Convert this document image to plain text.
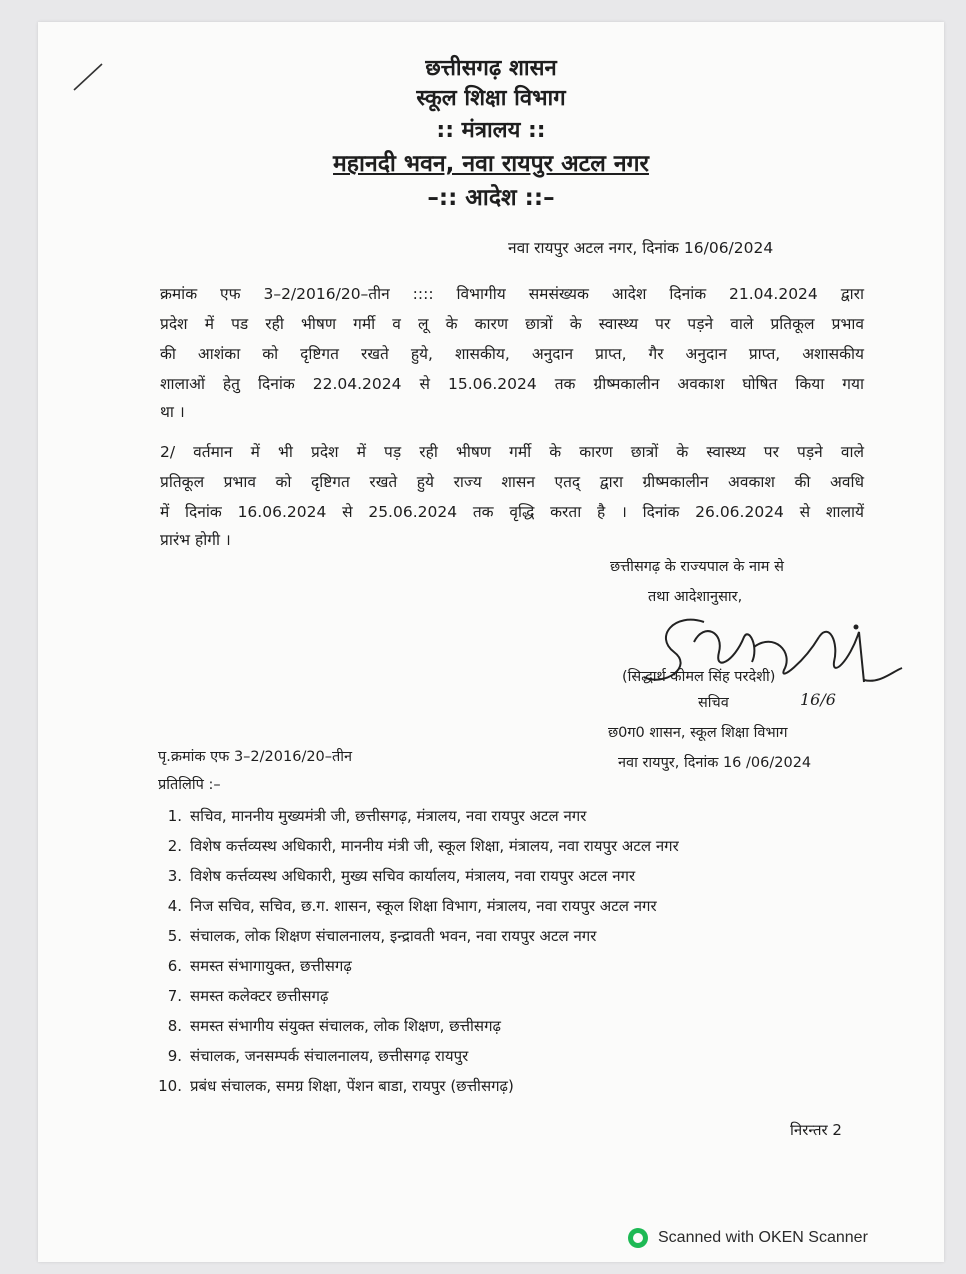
छत्तीसगढ़ शासन
स्कूल शिक्षा विभाग
:: मंत्रालय ::
महानदी भवन, नवा रायपुर अटल नगर
–:: आदेश ::–
नवा रायपुर अटल नगर, दिनांक 16/06/2024
क्रमांक एफ 3–2/2016/20–तीन :::: विभागीय समसंख्यक आदेश दिनांक 21.04.2024 द्वारा
प्रदेश में पड रही भीषण गर्मी व लू के कारण छात्रों के स्वास्थ्य पर पड़ने वाले प्रतिकूल प्रभाव
की आशंका को दृष्टिगत रखते हुये, शासकीय, अनुदान प्राप्त, गैर अनुदान प्राप्त, अशासकीय
शालाओं हेतु दिनांक 22.04.2024 से 15.06.2024 तक ग्रीष्मकालीन अवकाश घोषित किया गया
था ।
2/ वर्तमान में भी प्रदेश में पड़ रही भीषण गर्मी के कारण छात्रों के स्वास्थ्य पर पड़ने वाले
प्रतिकूल प्रभाव को दृष्टिगत रखते हुये राज्य शासन एतद् द्वारा ग्रीष्मकालीन अवकाश की अवधि
में दिनांक 16.06.2024 से 25.06.2024 तक वृद्धि करता है । दिनांक 26.06.2024 से शालायें
प्रारंभ होगी ।
छत्तीसगढ़ के राज्यपाल के नाम से
तथा आदेशानुसार,
(सिद्धार्थ कोमल सिंह परदेशी)
सचिव	16/6
छ0ग0 शासन, स्कूल शिक्षा विभाग
नवा रायपुर, दिनांक 16 /06/2024
पृ.क्रमांक एफ 3–2/2016/20–तीन
प्रतिलिपि :–
1. सचिव, माननीय मुख्यमंत्री जी, छत्तीसगढ़, मंत्रालय, नवा रायपुर अटल नगर
2. विशेष कर्त्तव्यस्थ अधिकारी, माननीय मंत्री जी, स्कूल शिक्षा, मंत्रालय, नवा रायपुर अटल नगर
3. विशेष कर्त्तव्यस्थ अधिकारी, मुख्य सचिव कार्यालय, मंत्रालय, नवा रायपुर अटल नगर
4. निज सचिव, सचिव, छ.ग. शासन, स्कूल शिक्षा विभाग, मंत्रालय, नवा रायपुर अटल नगर
5. संचालक, लोक शिक्षण संचालनालय, इन्द्रावती भवन, नवा रायपुर अटल नगर
6. समस्त संभागायुक्त, छत्तीसगढ़
7. समस्त कलेक्टर छत्तीसगढ़
8. समस्त संभागीय संयुक्त संचालक, लोक शिक्षण, छत्तीसगढ़
9. संचालक, जनसम्पर्क संचालनालय, छत्तीसगढ़ रायपुर
10. प्रबंध संचालक, समग्र शिक्षा, पेंशन बाडा, रायपुर (छत्तीसगढ़)
निरन्तर 2
Scanned with OKEN Scanner
